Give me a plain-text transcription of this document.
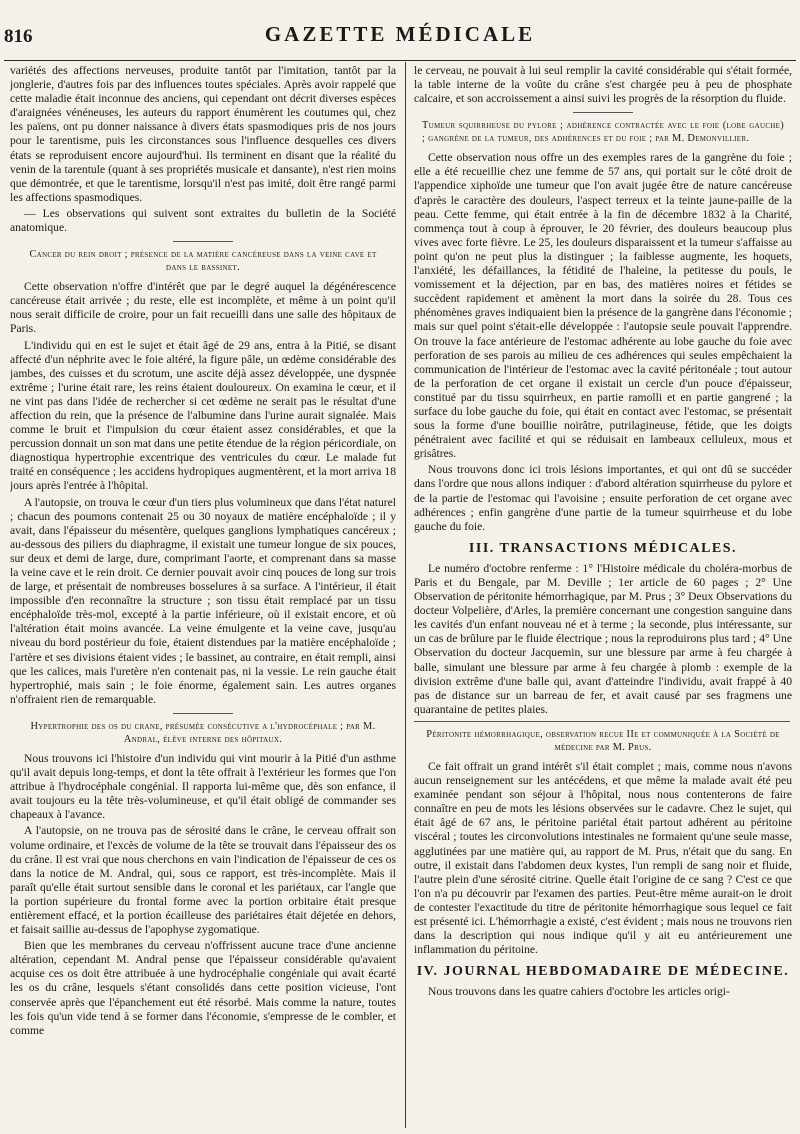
816	GAZETTE MÉDICALE

variétés des affections nerveuses, produite tantôt par l'imitation, tantôt par la jonglerie, d'autres fois par des influences toutes spéciales. Après avoir rappelé que cette maladie était inconnue des anciens, qui cependant ont décrit diverses espèces d'araignées vénéneuses, les auteurs du rapport énumèrent les coutumes qui, chez les païens, ont pu donner naissance à divers états spasmodiques pris de nos jours pour le tarentisme, puis les circonstances sous l'influence desquelles ces divers états se reproduisent encore aujourd'hui. Ils terminent en disant que la réalité du venin de la tarentule (quant à ses propriétés musicale et dansante), n'est rien moins que démontrée, et que le tarentisme, lorsqu'il n'est pas imité, doit être rangé parmi les affections spasmodiques.

— Les observations qui suivent sont extraites du bulletin de la Société anatomique.

Cancer du rein droit ; présence de la matière cancéreuse dans la veine cave et dans le bassinet.

Cette observation n'offre d'intérêt que par le degré auquel la dégénérescence cancéreuse était arrivée ; du reste, elle est incomplète, et même à un point qu'il nous serait difficile de croire, pour un fait recueilli dans une salle des hôpitaux de Paris.

L'individu qui en est le sujet et était âgé de 29 ans, entra à la Pitié, se disant affecté d'un néphrite avec le foie altéré, la figure pâle, un œdème considérable des jambes, des cuisses et du scrotum, une ascite déjà assez développée, une dyspnée extrême ; l'urine était rare, les reins étaient douloureux. On examina le cœur, et il ne vint pas dans l'idée de rechercher si cet œdème ne serait pas le résultat d'une affection du rein, que la présence de l'albumine dans l'urine aurait signalée. Mais comme le bruit et l'impulsion du cœur étaient assez considérables, et que la percussion donnait un son mat dans une petite étendue de la région péricordiale, on diagnostiqua hypertrophie excentrique des ventricules du cœur. Le malade fut traité en conséquence ; les accidens hydropiques augmentèrent, et la mort arriva 18 jours après l'entrée à l'hôpital.

A l'autopsie, on trouva le cœur d'un tiers plus volumineux que dans l'état naturel ; chacun des poumons contenait 25 ou 30 noyaux de matière encéphaloïde ; il y avait, dans l'épaisseur du mésentère, quelques ganglions lymphatiques cancéreux ; au-dessous des piliers du diaphragme, il existait une tumeur longue de six pouces, sur deux et demi de large, dure, comprimant l'aorte, et comprenant dans sa masse la veine cave et le rein droit. Ce dernier pouvait avoir cinq pouces de long sur trois de large, et présentait de nombreuses bosselures à sa surface. A l'intérieur, il était impossible d'en reconnaître la structure ; son tissu était remplacé par un tissu encéphaloïde très-mol, excepté à la partie inférieure, où il existait encore, et où l'altération était moins avancée. La veine émulgente et la veine cave, jusqu'au niveau du bord postérieur du foie, étaient distendues par la matière encéphaloïde ; l'artère et ses divisions étaient vides ; le bassinet, au contraire, en était rempli, ainsi que les calices, mais l'uretère n'en contenait pas, ni la vessie. Le rein gauche était hypertrophié, mais sain ; le foie énorme, également sain. Les autres organes n'offraient rien de remarquable.

Hypertrophie des os du crane, présumée consécutive a l'hydrocéphale ; par M. Andral, élève interne des hôpitaux.

Nous trouvons ici l'histoire d'un individu qui vint mourir à la Pitié d'un asthme qu'il avait depuis long-temps, et dont la tête offrait à l'extérieur les formes que l'on attribue à l'hydrocéphale congénial. Il rapporta lui-même que, dès son enfance, il avait toujours eu la tête très-volumineuse, et qu'il était obligé de commander ses chapeaux à l'avance.

A l'autopsie, on ne trouva pas de sérosité dans le crâne, le cerveau offrait son volume ordinaire, et l'excès de volume de la tête se trouvait dans l'épaisseur des os du crâne. Il est vrai que nous cherchons en vain l'indication de l'épaisseur de ces os dans la notice de M. Andral, qui, sous ce rapport, est très-incomplète. Mais il paraît qu'elle était surtout sensible dans le coronal et les pariétaux, car l'angle que la portion supérieure du frontal forme avec la portion orbitaire était presque entièrement effacé, et la portion écailleuse des pariétaires était déjetée en dehors, et faisait saillie au-dessus de l'apophyse zygomatique.

Bien que les membranes du cerveau n'offrissent aucune trace d'une ancienne altération, cependant M. Andral pense que l'épaisseur considérable qu'avaient acquise ces os doit être attribuée à une hydrocéphalie congéniale qui avait écarté les os du crâne, lesquels s'étant consolidés dans cette position vicieuse, l'ont conservée après que l'épanchement eut été résorbé. Mais comme la nature, toutes les fois qu'un vide tend à se former dans l'économie, s'empresse de le combler, et comme

le cerveau, ne pouvait à lui seul remplir la cavité considérable qui s'était formée, la table interne de la voûte du crâne s'est chargée peu à peu de phosphate calcaire, et son accroissement a ainsi suivi les progrès de la résorption du fluide.

Tumeur squirrheuse du pylore ; adhérence contractée avec le foie (lobe gauche) ; gangrène de la tumeur, des adhérences et du foie ; par M. Demonvillier.

Cette observation nous offre un des exemples rares de la gangrène du foie ; elle a été recueillie chez une femme de 57 ans, qui portait sur le côté droit de l'appendice xiphoïde une tumeur que l'on avait jugée être de nature cancéreuse d'après le caractère des douleurs, l'aspect terreux et la teinte jaune-paille de la peau. Cette femme, qui était entrée à la fin de décembre 1832 à la Charité, commença tout à coup à éprouver, le 20 février, des douleurs beaucoup plus vives avec forte fièvre. Le 25, les douleurs disparaissent et la tumeur s'affaisse au point qu'on ne peut plus la distinguer ; la faiblesse augmente, les hoquets, l'anxiété, les défaillances, la fétidité de l'haleine, la petitesse du pouls, le vomissement et la déjection, par en bas, des matières noires et fétides se succèdent rapidement et amènent la mort dans la soirée du 28. Tous ces phénomènes graves indiquaient bien la présence de la gangrène dans l'économie ; mais sur quel point s'était-elle développée : l'autopsie seule pouvait l'apprendre. On trouve la face antérieure de l'estomac adhérente au lobe gauche du foie avec perforation de ses parois au milieu de ces adhérences qui seules empêchaient la communication de l'intérieur de l'estomac avec la cavité péritonéale ; tout autour de la perforation de cet organe il existait un cercle d'un pouce d'épaisseur, constitué par du tissu squirrheux, en partie ramolli et en partie gangrené ; la surface du lobe gauche du foie, qui était en contact avec l'estomac, se présentait sous la forme d'une bouillie noirâtre, putrilagineuse, fétide, que les doigts pénétraient avec facilité et qui se réduisait en lambeaux celluleux, mous et grisâtres.

Nous trouvons donc ici trois lésions importantes, et qui ont dû se succéder dans l'ordre que nous allons indiquer : d'abord altération squirrheuse du pylore et de la partie de l'estomac qui l'avoisine ; ensuite perforation de cet organe avec adhérences ; enfin gangrène d'une partie de la tumeur squirrheuse et du lobe gauche du foie.

III. TRANSACTIONS MÉDICALES.

Le numéro d'octobre renferme : 1° l'Histoire médicale du choléra-morbus de Paris et du Bengale, par M. Deville ; 1er article de 60 pages ; 2° Une Observation de péritonite hémorrhagique, par M. Prus ; 3° Deux Observations du docteur Volpelière, d'Arles, la première concernant une congestion sanguine dans les cavités d'un enfant nouveau né et à terme ; la seconde, plus intéressante, sur un cas de brûlure par le fluide électrique ; nous la reproduirons plus tard ; 4° Une Observation du docteur Jacquemin, sur une blessure par arme à feu chargée à balle, simulant une blessure par arme à feu chargée à plomb : exemple de la division extrême d'une balle qui, avant d'atteindre l'individu, avait frappé à 40 pas de distance sur un barreau de fer, et avait causé par ses fragmens une quarantaine de petites plaies.

Péritonite hémorrhagique, observation recue IIe et communiquée à la Société de médecine par M. Prus.

Ce fait offrait un grand intérêt s'il était complet ; mais, comme nous n'avons aucun renseignement sur les antécédens, et que même la malade avait été peu examinée pendant son séjour à l'hôpital, nous nous contenterons de faire connaître en peu de mots les lésions observées sur le cadavre. Chez le sujet, qui était âgé de 67 ans, le péritoine pariétal était partout adhérent au péritoine viscéral ; toutes les circonvolutions intestinales ne formaient qu'une seule masse, agglutinées par une matière qui, au rapport de M. Prus, n'était que du sang. En outre, il existait dans l'abdomen deux kystes, l'un rempli de sang noir et fluide, l'autre plein d'une sérosité citrine. Quelle était l'origine de ce sang ? C'est ce que l'on n'a pu découvrir par l'examen des parties. Peut-être même aurait-on le droit de contester l'exactitude du titre de péritonite hémorrhagique sous lequel ce fait est présenté ici. L'hémorrhagie a existé, c'est évident ; mais nous ne trouvons rien dans la description qui nous indique qu'il y ait eu antérieurement une inflammation du péritoine.

IV. JOURNAL HEBDOMADAIRE DE MÉDECINE.

Nous trouvons dans les quatre cahiers d'octobre les articles origi-
